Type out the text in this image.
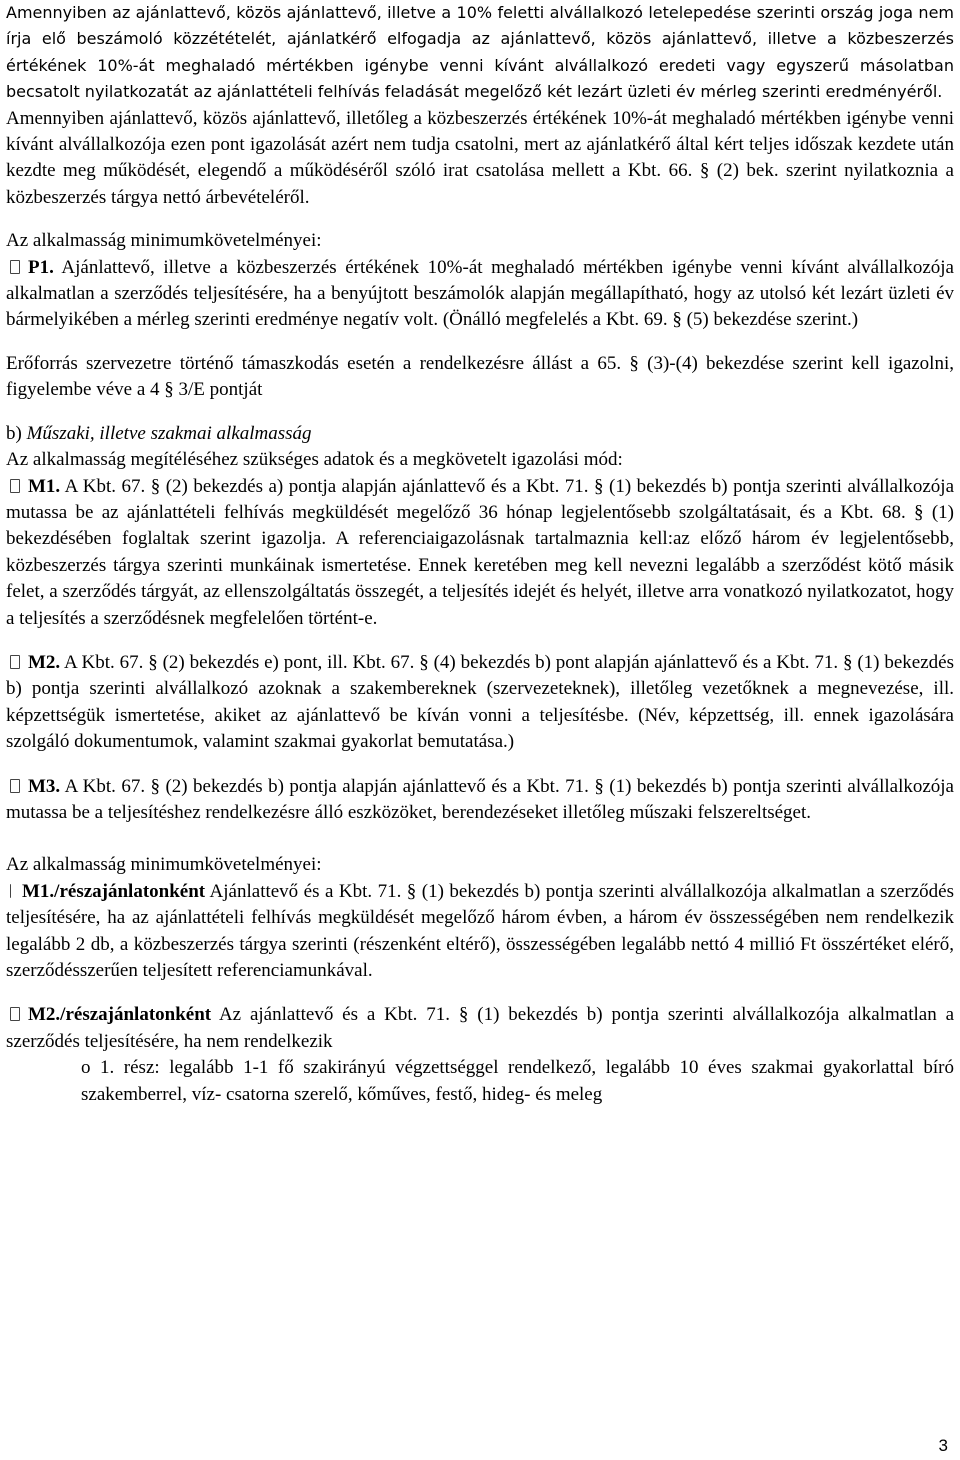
Amennyiben az ajánlattevő, közös ajánlattevő, illetve a 10% feletti alvállalkozó letelepedése szerinti ország joga nem írja elő beszámoló közzétételét, ajánlatkérő elfogadja az ajánlattevő, közös ajánlattevő, illetve a közbeszerzés értékének 10%-át meghaladó mértékben igénybe venni kívánt alvállalkozó eredeti vagy egyszerű másolatban becsatolt nyilatkozatát az ajánlattételi felhívás feladását megelőző két lezárt üzleti év mérleg szerinti eredményéről.

Amennyiben ajánlattevő, közös ajánlattevő, illetőleg a közbeszerzés értékének 10%-át meghaladó mértékben igénybe venni kívánt alvállalkozója ezen pont igazolását azért nem tudja csatolni, mert az ajánlatkérő által kért teljes időszak kezdete után kezdte meg működését, elegendő a működéséről szóló irat csatolása mellett a Kbt. 66. § (2) bek. szerint nyilatkoznia a közbeszerzés tárgya nettó árbevételéről.

Az alkalmasság minimumkövetelményei:

P1. Ajánlattevő, illetve a közbeszerzés értékének 10%-át meghaladó mértékben igénybe venni kívánt alvállalkozója alkalmatlan a szerződés teljesítésére, ha a benyújtott beszámolók alapján megállapítható, hogy az utolsó két lezárt üzleti év bármelyikében a mérleg szerinti eredménye negatív volt. (Önálló megfelelés a Kbt. 69. § (5) bekezdése szerint.)

Erőforrás szervezetre történő támaszkodás esetén a rendelkezésre állást a 65. § (3)-(4) bekezdése szerint kell igazolni, figyelembe véve a 4 § 3/E pontját

b) Műszaki, illetve szakmai alkalmasság

Az alkalmasság megítéléséhez szükséges adatok és a megkövetelt igazolási mód:

M1. A Kbt. 67. § (2) bekezdés a) pontja alapján ajánlattevő és a Kbt. 71. § (1) bekezdés b) pontja szerinti alvállalkozója mutassa be az ajánlattételi felhívás megküldését megelőző 36 hónap legjelentősebb szolgáltatásait, és a Kbt. 68. § (1) bekezdésében foglaltak szerint igazolja. A referenciaigazolásnak tartalmaznia kell:az előző három év legjelentősebb, közbeszerzés tárgya szerinti munkáinak ismertetése. Ennek keretében meg kell nevezni legalább a szerződést kötő másik felet, a szerződés tárgyát, az ellenszolgáltatás összegét, a teljesítés idejét és helyét, illetve arra vonatkozó nyilatkozatot, hogy a teljesítés a szerződésnek megfelelően történt-e.

M2. A Kbt. 67. § (2) bekezdés e) pont, ill. Kbt. 67. § (4) bekezdés b) pont alapján ajánlattevő és a Kbt. 71. § (1) bekezdés b) pontja szerinti alvállalkozó azoknak a szakembereknek (szervezeteknek), illetőleg vezetőknek a megnevezése, ill. képzettségük ismertetése, akiket az ajánlattevő be kíván vonni a teljesítésbe. (Név, képzettség, ill. ennek igazolására szolgáló dokumentumok, valamint szakmai gyakorlat bemutatása.)

M3. A Kbt. 67. § (2) bekezdés b) pontja alapján ajánlattevő és a Kbt. 71. § (1) bekezdés b) pontja szerinti alvállalkozója mutassa be a teljesítéshez rendelkezésre álló eszközöket, berendezéseket illetőleg műszaki felszereltséget.

Az alkalmasság minimumkövetelményei:

M1./részajánlatonként Ajánlattevő és a Kbt. 71. § (1) bekezdés b) pontja szerinti alvállalkozója alkalmatlan a szerződés teljesítésére, ha az ajánlattételi felhívás megküldését megelőző három évben, a három év összességében nem rendelkezik legalább 2 db, a közbeszerzés tárgya szerinti (részenként eltérő), összességében legalább nettó 4 millió Ft összértéket elérő, szerződésszerűen teljesített referenciamunkával.

M2./részajánlatonként Az ajánlattevő és a Kbt. 71. § (1) bekezdés b) pontja szerinti alvállalkozója alkalmatlan a szerződés teljesítésére, ha nem rendelkezik

o 1. rész: legalább 1-1 fő szakirányú végzettséggel rendelkező, legalább 10 éves szakmai gyakorlattal bíró szakemberrel, víz- csatorna szerelő, kőműves, festő, hideg- és meleg

3
